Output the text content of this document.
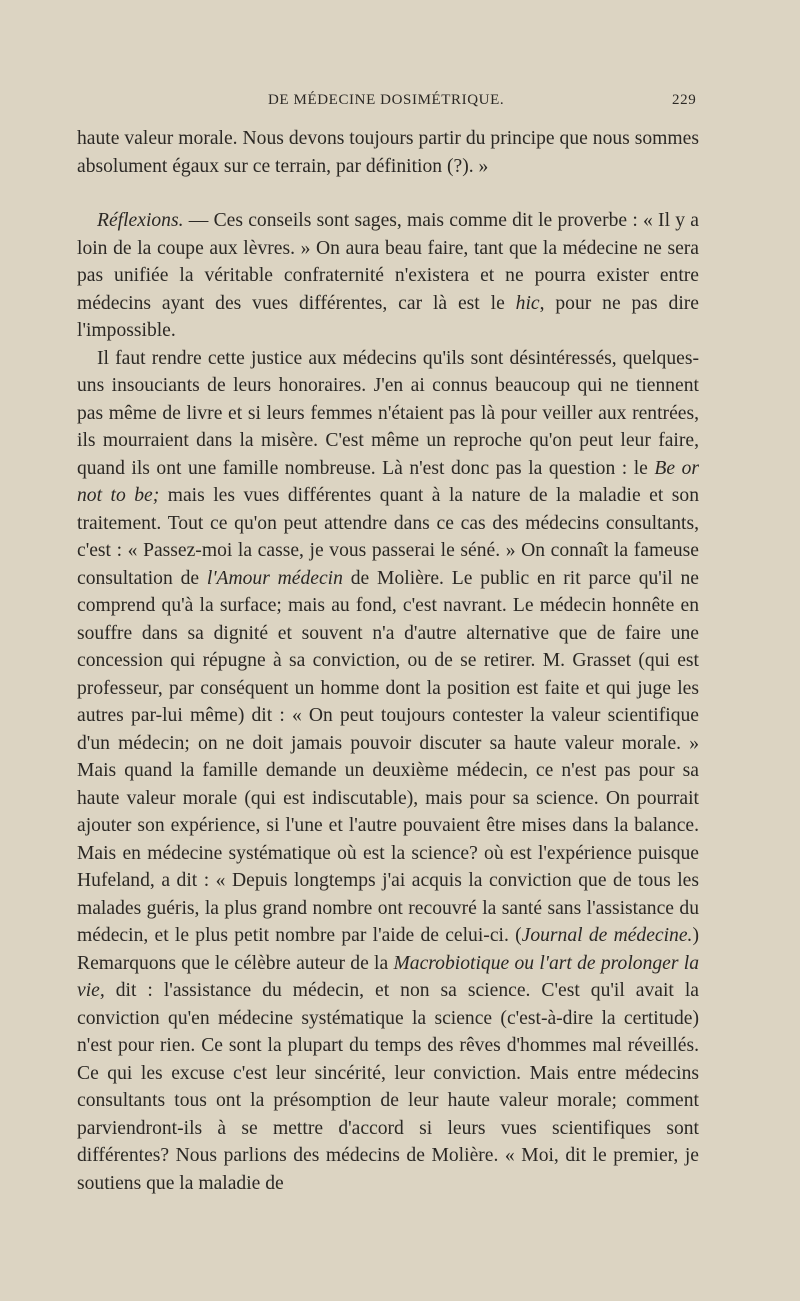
DE MÉDECINE DOSIMÉTRIQUE.	229

haute valeur morale. Nous devons toujours partir du principe que nous sommes absolument égaux sur ce terrain, par définition (?). »

Réflexions. — Ces conseils sont sages, mais comme dit le proverbe : « Il y a loin de la coupe aux lèvres. » On aura beau faire, tant que la médecine ne sera pas unifiée la véritable confraternité n'existera et ne pourra exister entre médecins ayant des vues différentes, car là est le hic, pour ne pas dire l'impossible.

Il faut rendre cette justice aux médecins qu'ils sont désintéressés, quelques-uns insouciants de leurs honoraires. J'en ai connus beaucoup qui ne tiennent pas même de livre et si leurs femmes n'étaient pas là pour veiller aux rentrées, ils mourraient dans la misère. C'est même un reproche qu'on peut leur faire, quand ils ont une famille nombreuse. Là n'est donc pas la question : le Be or not to be; mais les vues différentes quant à la nature de la maladie et son traitement. Tout ce qu'on peut attendre dans ce cas des médecins consultants, c'est : « Passez-moi la casse, je vous passerai le séné. » On connaît la fameuse consultation de l'Amour médecin de Molière. Le public en rit parce qu'il ne comprend qu'à la surface; mais au fond, c'est navrant. Le médecin honnête en souffre dans sa dignité et souvent n'a d'autre alternative que de faire une concession qui répugne à sa conviction, ou de se retirer. M. Grasset (qui est professeur, par conséquent un homme dont la position est faite et qui juge les autres par-lui même) dit : « On peut toujours contester la valeur scientifique d'un médecin; on ne doit jamais pouvoir discuter sa haute valeur morale. » Mais quand la famille demande un deuxième médecin, ce n'est pas pour sa haute valeur morale (qui est indiscutable), mais pour sa science. On pourrait ajouter son expérience, si l'une et l'autre pouvaient être mises dans la balance. Mais en médecine systématique où est la science? où est l'expérience puisque Hufeland, a dit : « Depuis longtemps j'ai acquis la conviction que de tous les malades guéris, la plus grand nombre ont recouvré la santé sans l'assistance du médecin, et le plus petit nombre par l'aide de celui-ci. (Journal de médecine.) Remarquons que le célèbre auteur de la Macrobiotique ou l'art de prolonger la vie, dit : l'assistance du médecin, et non sa science. C'est qu'il avait la conviction qu'en médecine systématique la science (c'est-à-dire la certitude) n'est pour rien. Ce sont la plupart du temps des rêves d'hommes mal réveillés. Ce qui les excuse c'est leur sincérité, leur conviction. Mais entre médecins consultants tous ont la présomption de leur haute valeur morale; comment parviendront-ils à se mettre d'accord si leurs vues scientifiques sont différentes? Nous parlions des médecins de Molière. « Moi, dit le premier, je soutiens que la maladie de
